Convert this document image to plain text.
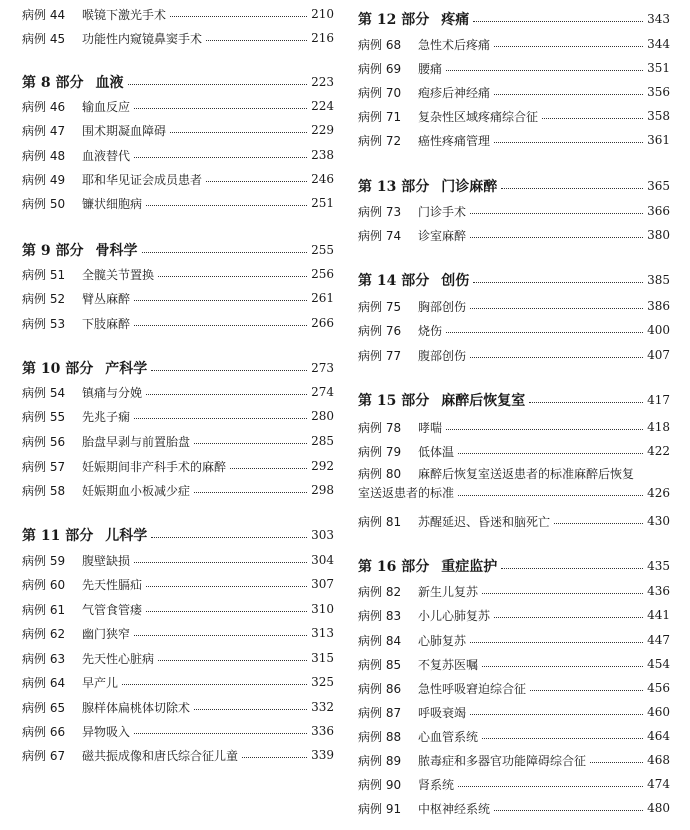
病例 44	喉镜下激光手术	210
病例 45	功能性内窥镜鼻窦手术	216
第 8 部分 血液	223
病例 46	输血反应	224
病例 47	围术期凝血障碍	229
病例 48	血液替代	238
病例 49	耶和华见证会成员患者	246
病例 50	镰状细胞病	251
第 9 部分 骨科学	255
病例 51	全髋关节置换	256
病例 52	臂丛麻醉	261
病例 53	下肢麻醉	266
第 10 部分 产科学	273
病例 54	镇痛与分娩	274
病例 55	先兆子痫	280
病例 56	胎盘早剥与前置胎盘	285
病例 57	妊娠期间非产科手术的麻醉	292
病例 58	妊娠期血小板减少症	298
第 11 部分 儿科学	303
病例 59	腹壁缺损	304
病例 60	先天性膈疝	307
病例 61	气管食管瘘	310
病例 62	幽门狭窄	313
病例 63	先天性心脏病	315
病例 64	早产儿	325
病例 65	腺样体扁桃体切除术	332
病例 66	异物吸入	336
病例 67	磁共振成像和唐氏综合征儿童	339
第 12 部分 疼痛	343
病例 68	急性术后疼痛	344
病例 69	腰痛	351
病例 70	疱疹后神经痛	356
病例 71	复杂性区域疼痛综合征	358
病例 72	癌性疼痛管理	361
第 13 部分 门诊麻醉	365
病例 73	门诊手术	366
病例 74	诊室麻醉	380
第 14 部分 创伤	385
病例 75	胸部创伤	386
病例 76	烧伤	400
病例 77	腹部创伤	407
第 15 部分 麻醉后恢复室	417
病例 78	哮喘	418
病例 79	低体温	422
病例 80	麻醉后恢复室送返患者的标准麻醉后恢复
室送返患者的标准	426
病例 81	苏醒延迟、昏迷和脑死亡	430
第 16 部分 重症监护	435
病例 82	新生儿复苏	436
病例 83	小儿心肺复苏	441
病例 84	心肺复苏	447
病例 85	不复苏医嘱	454
病例 86	急性呼吸窘迫综合征	456
病例 87	呼吸衰竭	460
病例 88	心血管系统	464
病例 89	脓毒症和多器官功能障碍综合征	468
病例 90	肾系统	474
病例 91	中枢神经系统	480
